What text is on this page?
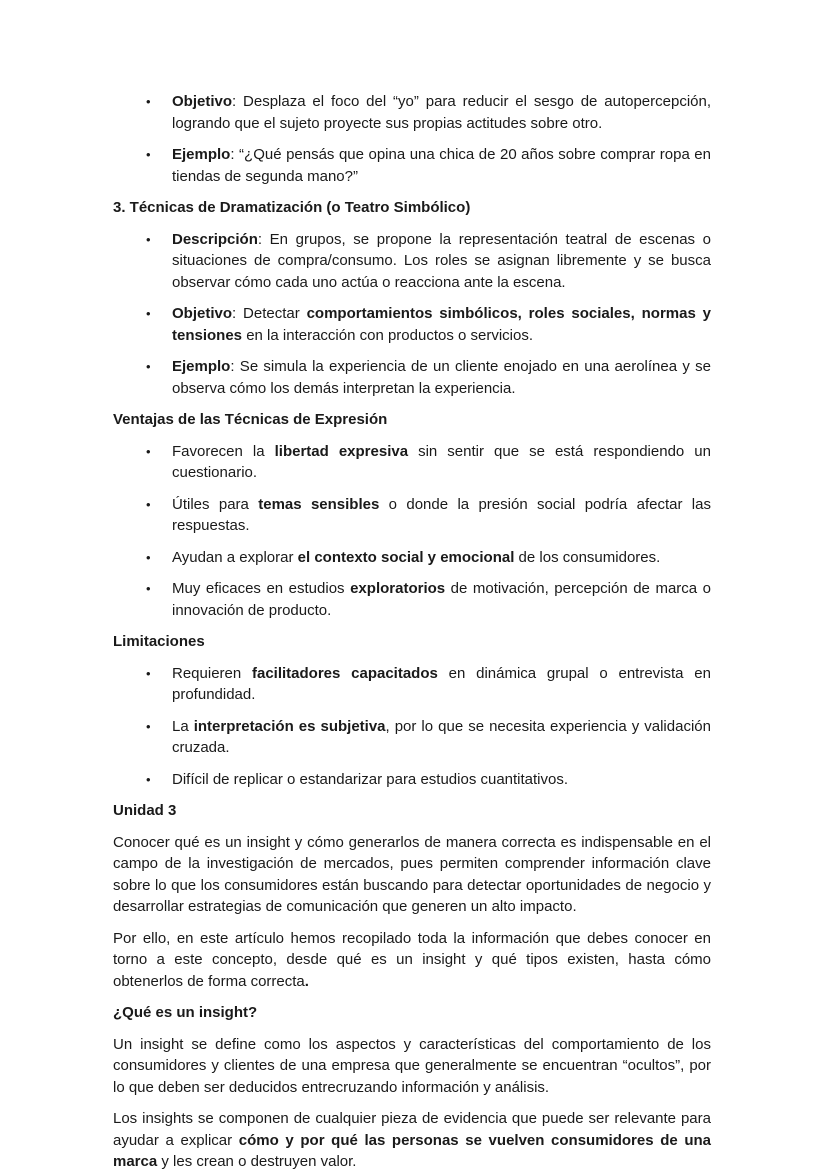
•	Objetivo: Desplaza el foco del “yo” para reducir el sesgo de autopercepción, logrando que el sujeto proyecte sus propias actitudes sobre otro.
•	Ejemplo: “¿Qué pensás que opina una chica de 20 años sobre comprar ropa en tiendas de segunda mano?”
3. Técnicas de Dramatización (o Teatro Simbólico)
•	Descripción: En grupos, se propone la representación teatral de escenas o situaciones de compra/consumo. Los roles se asignan libremente y se busca observar cómo cada uno actúa o reacciona ante la escena.
•	Objetivo: Detectar comportamientos simbólicos, roles sociales, normas y tensiones en la interacción con productos o servicios.
•	Ejemplo: Se simula la experiencia de un cliente enojado en una aerolínea y se observa cómo los demás interpretan la experiencia.
Ventajas de las Técnicas de Expresión
•	Favorecen la libertad expresiva sin sentir que se está respondiendo un cuestionario.
•	Útiles para temas sensibles o donde la presión social podría afectar las respuestas.
•	Ayudan a explorar el contexto social y emocional de los consumidores.
•	Muy eficaces en estudios exploratorios de motivación, percepción de marca o innovación de producto.
Limitaciones
•	Requieren facilitadores capacitados en dinámica grupal o entrevista en profundidad.
•	La interpretación es subjetiva, por lo que se necesita experiencia y validación cruzada.
•	Difícil de replicar o estandarizar para estudios cuantitativos.
Unidad 3
Conocer qué es un insight y cómo generarlos de manera correcta es indispensable en el campo de la investigación de mercados, pues permiten comprender información clave sobre lo que los consumidores están buscando para detectar oportunidades de negocio y desarrollar estrategias de comunicación que generen un alto impacto.
Por ello, en este artículo hemos recopilado toda la información que debes conocer en torno a este concepto, desde qué es un insight y qué tipos existen, hasta cómo obtenerlos de forma correcta.
¿Qué es un insight?
Un insight se define como los aspectos y características del comportamiento de los consumidores y clientes de una empresa que generalmente se encuentran “ocultos”, por lo que deben ser deducidos entrecruzando información y análisis.
Los insights se componen de cualquier pieza de evidencia que puede ser relevante para ayudar a explicar cómo y por qué las personas se vuelven consumidores de una marca y les crean o destruyen valor.
